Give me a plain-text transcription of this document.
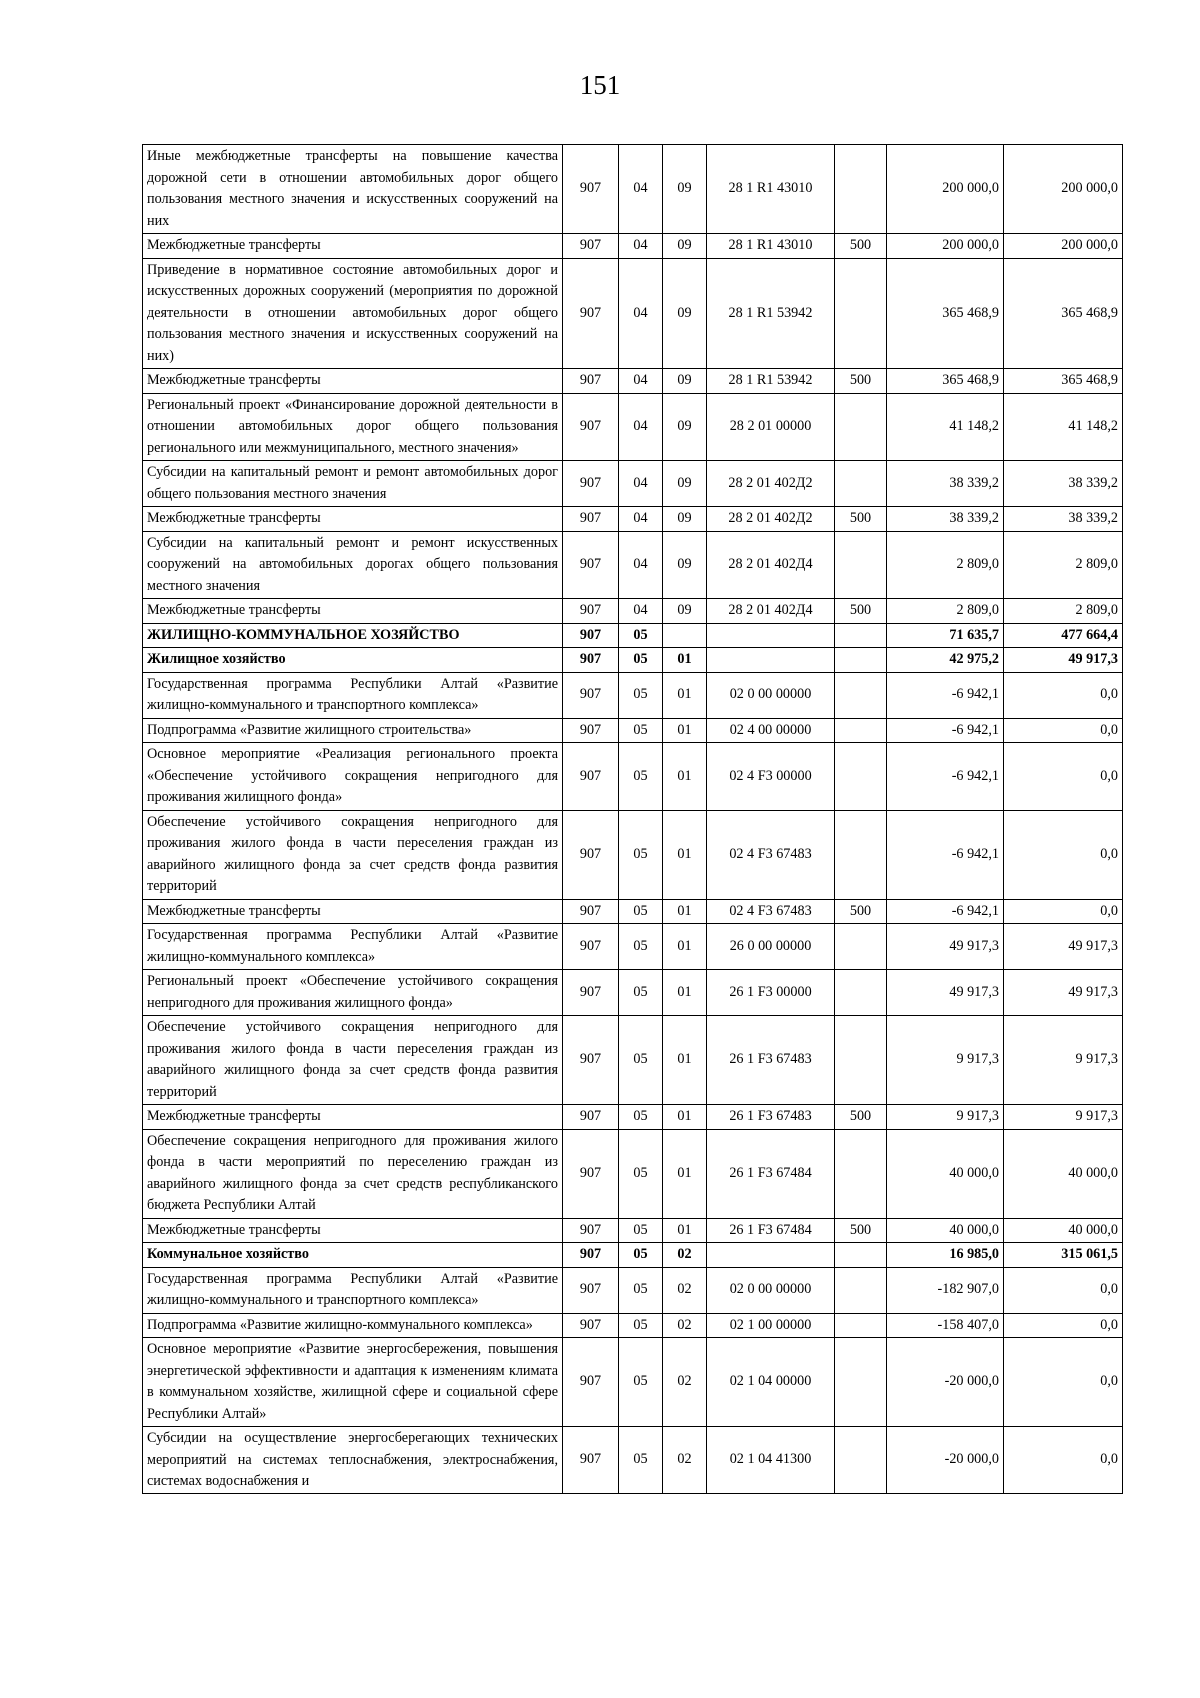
151
Иные межбюджетные трансферты на повышение качества дорожной сети в отношении автомобильных дорог общего пользования местного значения и искусственных сооружений на них	907	04	09	28 1 R1 43010		200 000,0	200 000,0
Межбюджетные трансферты	907	04	09	28 1 R1 43010	500	200 000,0	200 000,0
Приведение в нормативное состояние автомобильных дорог и искусственных дорожных сооружений (мероприятия по дорожной деятельности в отношении автомобильных дорог общего пользования местного значения и искусственных сооружений на них)	907	04	09	28 1 R1 53942		365 468,9	365 468,9
Межбюджетные трансферты	907	04	09	28 1 R1 53942	500	365 468,9	365 468,9
Региональный проект «Финансирование дорожной деятельности в отношении автомобильных дорог общего пользования регионального или межмуниципального, местного значения»	907	04	09	28 2 01 00000		41 148,2	41 148,2
Субсидии на капитальный ремонт и ремонт автомобильных дорог общего пользования местного значения	907	04	09	28 2 01 402Д2		38 339,2	38 339,2
Межбюджетные трансферты	907	04	09	28 2 01 402Д2	500	38 339,2	38 339,2
Субсидии на капитальный ремонт и ремонт искусственных сооружений на автомобильных дорогах общего пользования местного значения	907	04	09	28 2 01 402Д4		2 809,0	2 809,0
Межбюджетные трансферты	907	04	09	28 2 01 402Д4	500	2 809,0	2 809,0
ЖИЛИЩНО-КОММУНАЛЬНОЕ ХОЗЯЙСТВО	907	05				71 635,7	477 664,4
Жилищное хозяйство	907	05	01			42 975,2	49 917,3
Государственная программа Республики Алтай «Развитие жилищно-коммунального и транспортного комплекса»	907	05	01	02 0 00 00000		-6 942,1	0,0
Подпрограмма «Развитие жилищного строительства»	907	05	01	02 4 00 00000		-6 942,1	0,0
Основное мероприятие «Реализация регионального проекта «Обеспечение устойчивого сокращения непригодного для проживания жилищного фонда»	907	05	01	02 4 F3 00000		-6 942,1	0,0
Обеспечение устойчивого сокращения непригодного для проживания жилого фонда в части переселения граждан из аварийного жилищного фонда за счет средств фонда развития территорий	907	05	01	02 4 F3 67483		-6 942,1	0,0
Межбюджетные трансферты	907	05	01	02 4 F3 67483	500	-6 942,1	0,0
Государственная программа Республики Алтай «Развитие жилищно-коммунального комплекса»	907	05	01	26 0 00 00000		49 917,3	49 917,3
Региональный проект «Обеспечение устойчивого сокращения непригодного для проживания жилищного фонда»	907	05	01	26 1 F3 00000		49 917,3	49 917,3
Обеспечение устойчивого сокращения непригодного для проживания жилого фонда в части переселения граждан из аварийного жилищного фонда за счет средств фонда развития территорий	907	05	01	26 1 F3 67483		9 917,3	9 917,3
Межбюджетные трансферты	907	05	01	26 1 F3 67483	500	9 917,3	9 917,3
Обеспечение сокращения непригодного для проживания жилого фонда в части мероприятий по переселению граждан из аварийного жилищного фонда за счет средств республиканского бюджета Республики Алтай	907	05	01	26 1 F3 67484		40 000,0	40 000,0
Межбюджетные трансферты	907	05	01	26 1 F3 67484	500	40 000,0	40 000,0
Коммунальное хозяйство	907	05	02			16 985,0	315 061,5
Государственная программа Республики Алтай «Развитие жилищно-коммунального и транспортного комплекса»	907	05	02	02 0 00 00000		-182 907,0	0,0
Подпрограмма «Развитие жилищно-коммунального комплекса»	907	05	02	02 1 00 00000		-158 407,0	0,0
Основное мероприятие «Развитие энергосбережения, повышения энергетической эффективности и адаптация к изменениям климата в коммунальном хозяйстве, жилищной сфере и социальной сфере Республики Алтай»	907	05	02	02 1 04 00000		-20 000,0	0,0

Субсидии на осуществление энергосберегающих технических мероприятий на системах теплоснабжения, электроснабжения, системах водоснабжения и	907	05	02	02 1 04 41300		-20 000,0	0,0
